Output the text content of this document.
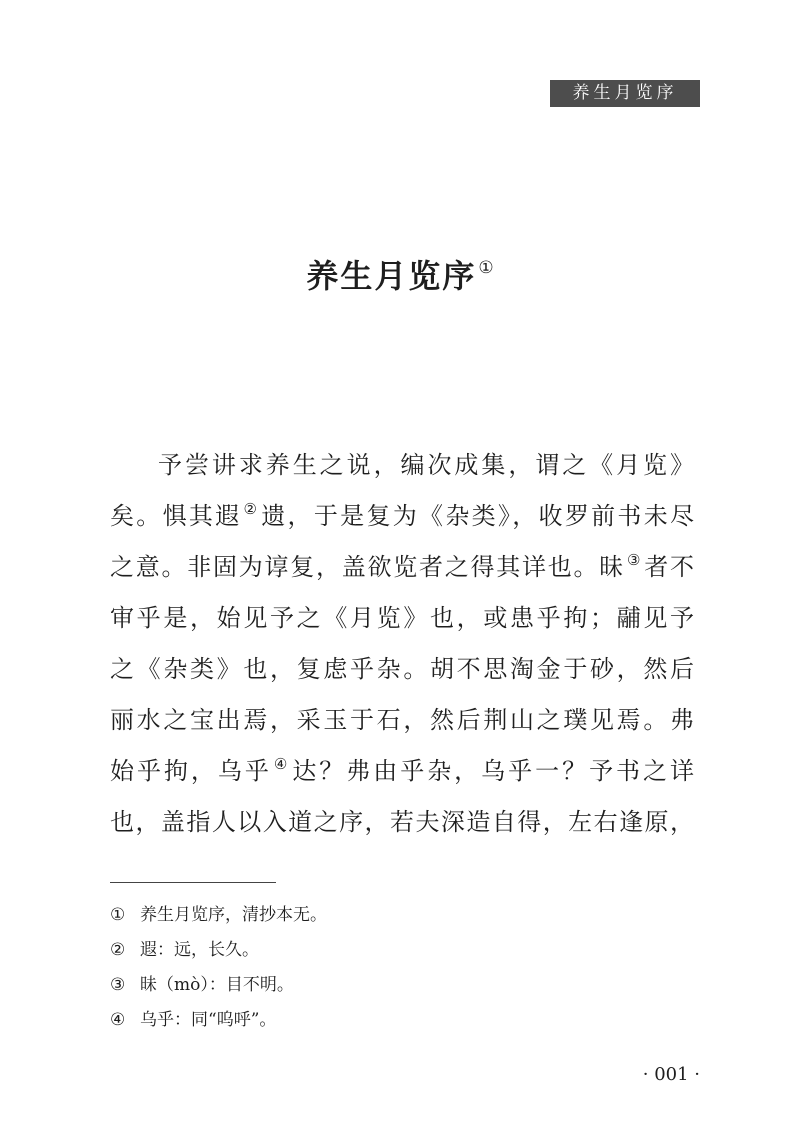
养生月览序
养生月览序 ①
予尝讲求养生之说，编次成集，谓之《月览》
矣。惧其遐 ②遗，于是复为《杂类》，收罗前书未尽
之意。非固为谆复，盖欲览者之得其详也。昧 ③者不
审乎是，始见予之《月览》也，或患乎拘；鬴见予
之《杂类》也，复虑乎杂。胡不思淘金于砂，然后
丽水之宝出焉，采玉于石，然后荆山之璞见焉。弗
始乎拘，乌乎 ④达？弗由乎杂，乌乎一？予书之详
也，盖指人以入道之序，若夫深造自得，左右逢原，
① 养生月览序，清抄本无。
② 遐：远，长久。
③ 昧（mò）：目不明。
④ 乌乎：同“呜呼”。
· 001 ·
